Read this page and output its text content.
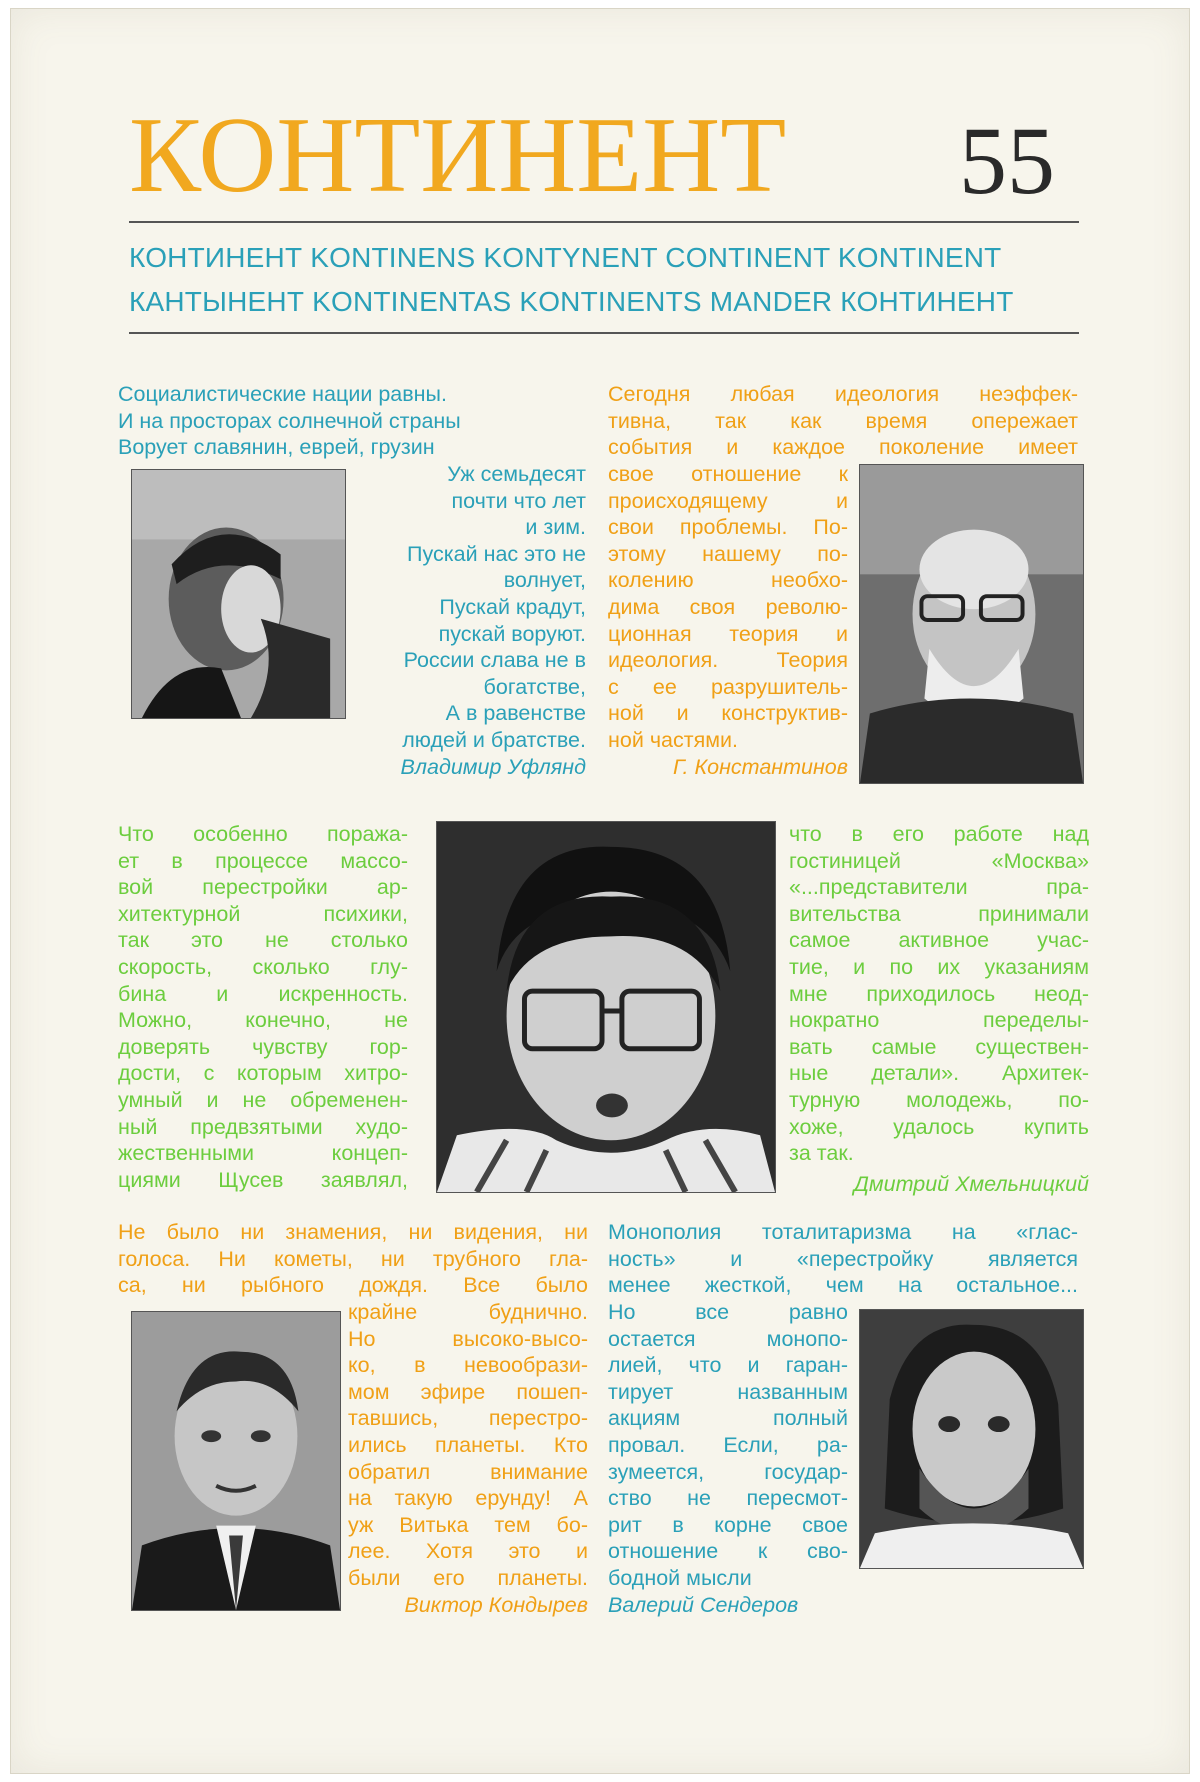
КОНТИНЕНТ 55
КОНТИНЕНТ KONTINENS KONTYNENT CONTINENT KONTINENT
КАНТЫНЕНТ KONTINENTAS KONTINENTS MANDER КОНТИНЕНТ

Социалистические нации равны.

И на просторах солнечной страны

Ворует славянин, еврей, грузин

Уж семьдесят

почти что лет

и зим.

Пускай нас это не

волнует,

Пускай крадут,

пускай воруют.

России слава не в

богатстве,

А в равенстве

людей и братстве.

Владимир Уфлянд

Сегодня любая идеология неэффек-

тивна, так как время опережает

события и каждое поколение имеет

свое отношение к

происходящему и

свои проблемы. По-

этому нашему по-

колению необхо-

дима своя револю-

ционная теория и

идеология. Теория

с ее разрушитель-

ной и конструктив-

ной частями.

Г. Константинов

Что особенно поража-

ет в процессе массо-

вой перестройки ар-

хитектурной психики,

так это не столько

скорость, сколько глу-

бина и искренность.

Можно, конечно, не

доверять чувству гор-

дости, с которым хитро-

умный и не обременен-

ный предвзятыми худо-

жественными концеп-

циями Щусев заявлял,

что в его работе над

гостиницей «Москва»

«...представители пра-

вительства принимали

самое активное учас-

тие, и по их указаниям

мне приходилось неод-

нократно переделы-

вать самые существен-

ные детали». Архитек-

турную молодежь, по-

хоже, удалось купить

за так.

Дмитрий Хмельницкий

Не было ни знамения, ни видения, ни

голоса. Ни кометы, ни трубного гла-

са, ни рыбного дождя. Все было

крайне буднично.

Но высоко-высо-

ко, в невообрази-

мом эфире пошеп-

тавшись, перестро-

ились планеты. Кто

обратил внимание

на такую ерунду! А

уж Витька тем бо-

лее. Хотя это и

были его планеты.

Виктор Кондырев

Монополия тоталитаризма на «глас-

ность» и «перестройку является

менее жесткой, чем на остальное...

Но все равно

остается монопо-

лией, что и гаран-

тирует названным

акциям полный

провал. Если, ра-

зумеется, государ-

ство не пересмот-

рит в корне свое

отношение к сво-

бодной мысли

Валерий Сендеров
